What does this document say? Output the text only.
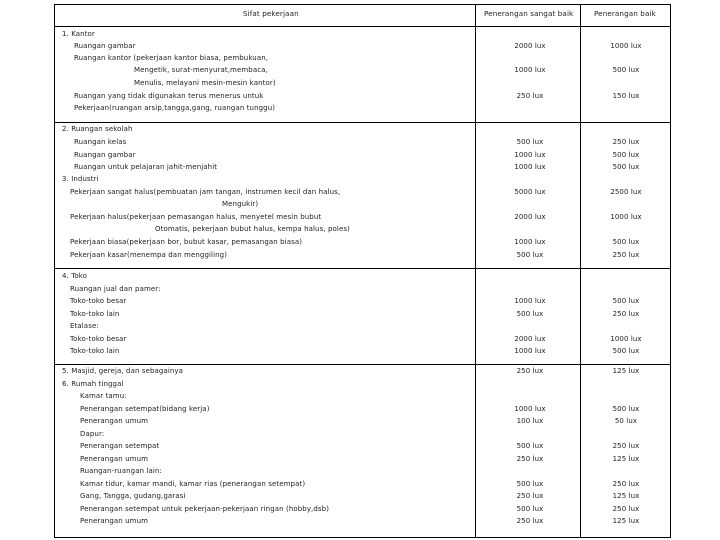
Sifat pekerjaan	Penerangan sangat baik	Penerangan baik
1. Kantor
Ruangan gambar	2000 lux	1000 lux
Ruangan kantor (pekerjaan kantor biasa, pembukuan,
Mengetik, surat-menyurat,membaca,
Menulis, melayani mesin-mesin kantor)
1000 lux	500 lux
Ruangan yang tidak digunakan terus menerus untuk
Pekerjaan(ruangan arsip,tangga,gang, ruangan tunggu)
250 lux	150 lux
2. Ruangan sekolah
Ruangan kelas	500 lux	250 lux
Ruangan gambar	1000 lux	500 lux
Ruangan untuk pelajaran jahit-menjahit	1000 lux	500 lux
3. Industri
Pekerjaan sangat halus(pembuatan jam tangan, instrumen kecil dan halus,
Mengukir)
5000 lux	2500 lux
Pekerjaan halus(pekerjaan pemasangan halus, menyetel mesin bubut
Otomatis, pekerjaan bubut halus, kempa halus, poles)
2000 lux	1000 lux
Pekerjaan biasa(pekerjaan bor, bubut kasar, pemasangan biasa)	1000 lux	500 lux
Pekerjaan kasar(menempa dan menggiling)	500 lux	250 lux
4. Toko
Ruangan jual dan pamer:
Toko-toko besar	1000 lux	500 lux
Toko-toko lain	500 lux	250 lux
Etalase:
Toko-toko besar	2000 lux	1000 lux
Toko-toko lain	1000 lux	500 lux
5. Masjid, gereja, dan sebagainya	250 lux	125 lux
6. Rumah tinggal
Kamar tamu:
Penerangan setempat(bidang kerja)	1000 lux	500 lux
Penerangan umum	100 lux	50 lux
Dapur:
Penerangan setempat	500 lux	250 lux
Penerangan umum	250 lux	125 lux
Ruangan-ruangan lain:
Kamar tidur, kamar mandi, kamar rias (penerangan setempat)	500 lux	250 lux
Gang, Tangga, gudang,garasi	250 lux	125 lux
Penerangan setempat untuk pekerjaan-pekerjaan ringan (hobby,dsb)	500 lux	250 lux
Penerangan umum	250 lux	125 lux
